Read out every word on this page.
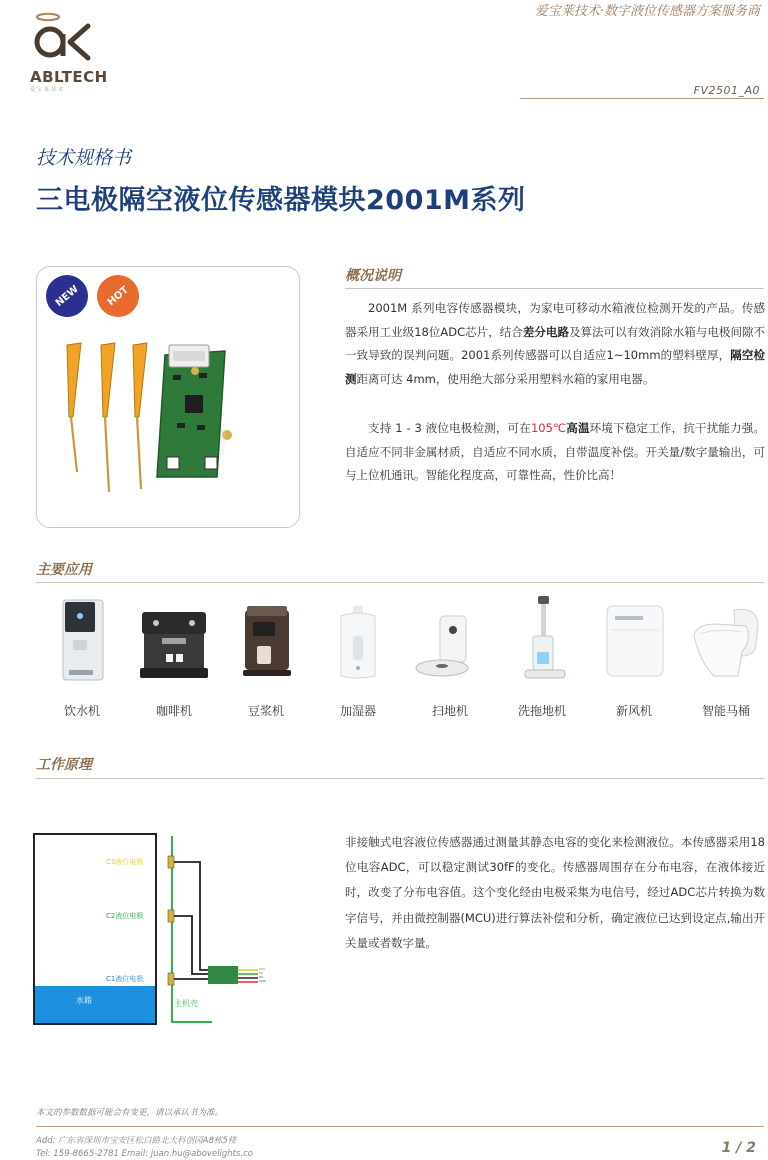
爱宝莱技术·数字液位传感器方案服务商
ABLTECH
爱宝莱技术	FV2501_A0
技术规格书
三电极隔空液位传感器模块2001M系列
NEW	HOT
ABL2001M-S
概况说明
2001M 系列电容传感器模块，为家电可移动水箱液位检测开发的产品。传感器采用工业级18位ADC芯片，结合差分电路及算法可以有效消除水箱与电极间隙不一致导致的误判问题。2001系列传感器可以自适应1~10mm的塑料壁厚，隔空检测距离可达 4mm，使用绝大部分采用塑料水箱的家用电器。
支持 1 - 3 液位电极检测，可在105℃高温环境下稳定工作，抗干扰能力强。自适应不同非金属材质，自适应不同水质，自带温度补偿。开关量/数字量输出，可与上位机通讯。智能化程度高，可靠性高，性价比高！
主要应用
饮水机	咖啡机	豆浆机	加湿器	扫地机	洗拖地机	新风机	智能马桶
工作原理
C3液位电极
C2液位电极
C1液位电极
水箱	主机壳
VCC
TX
RX
GND
非接触式电容液位传感器通过测量其静态电容的变化来检测液位。本传感器采用18位电容ADC，可以稳定测试30fF的变化。传感器周围存在分布电容，在液体接近时，改变了分布电容值。这个变化经由电极采集为电信号，经过ADC芯片转换为数字信号，并由微控制器(MCU)进行算法补偿和分析，确定液位已达到设定点,输出开关量或者数字量。
本文的参数数据可能会有变更，请以承认书为准。
Add: 广东省深圳市宝安区松白路北大科创园A8栋5楼
Tel: 159-8665-2781 Email: juan.hu@abovelights.co	1 / 2
